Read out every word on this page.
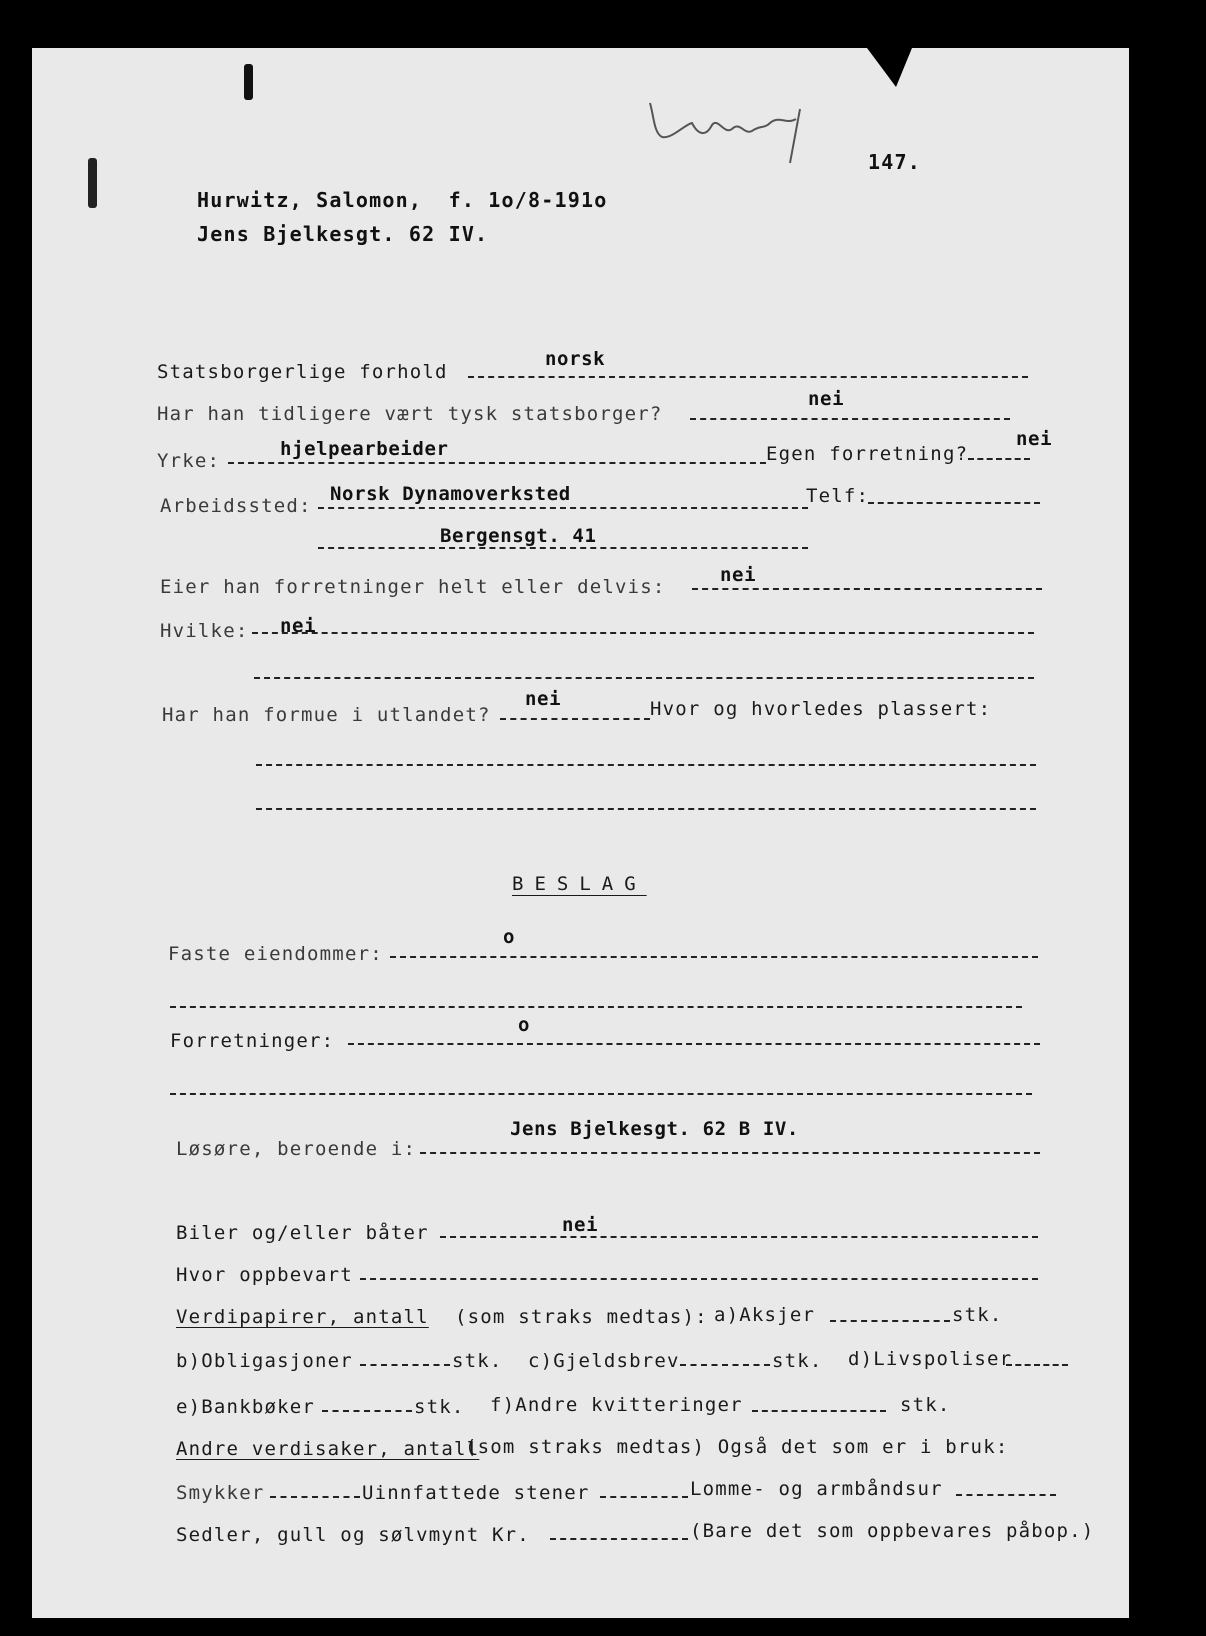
147.
Hurwitz, Salomon,  f. 1o/8-191o
Jens Bjelkesgt. 62 IV.
Statsborgerlige forhold
norsk
Har han tidligere vært tysk statsborger?
nei
Yrke:
hjelpearbeider	Egen forretning?
nei
Arbeidssted:
Norsk Dynamoverksted	Telf:
Bergensgt. 41
Eier han forretninger helt eller delvis:
nei
Hvilke: nei
Har han formue i utlandet?
nei	Hvor og hvorledes plassert:
BESLAG
Faste eiendommer:
o
Forretninger:
o
Løsøre, beroende i:
Jens Bjelkesgt. 62 B IV.
Biler og/eller båter	nei
Hvor oppbevart
Verdipapirer, antall (som straks medtas): a)Aksjer	stk.
b)Obligasjoner	stk. c)Gjeldsbrev	stk. d)Livspoliser
e)Bankbøker	stk. f)Andre kvitteringer	stk.
Andre verdisaker, antall
(som straks medtas) Også det som er i bruk:
Smykker	Uinnfattede stener	Lomme- og armbåndsur
Sedler, gull og sølvmynt Kr.	(Bare det som oppbevares påbop.)
